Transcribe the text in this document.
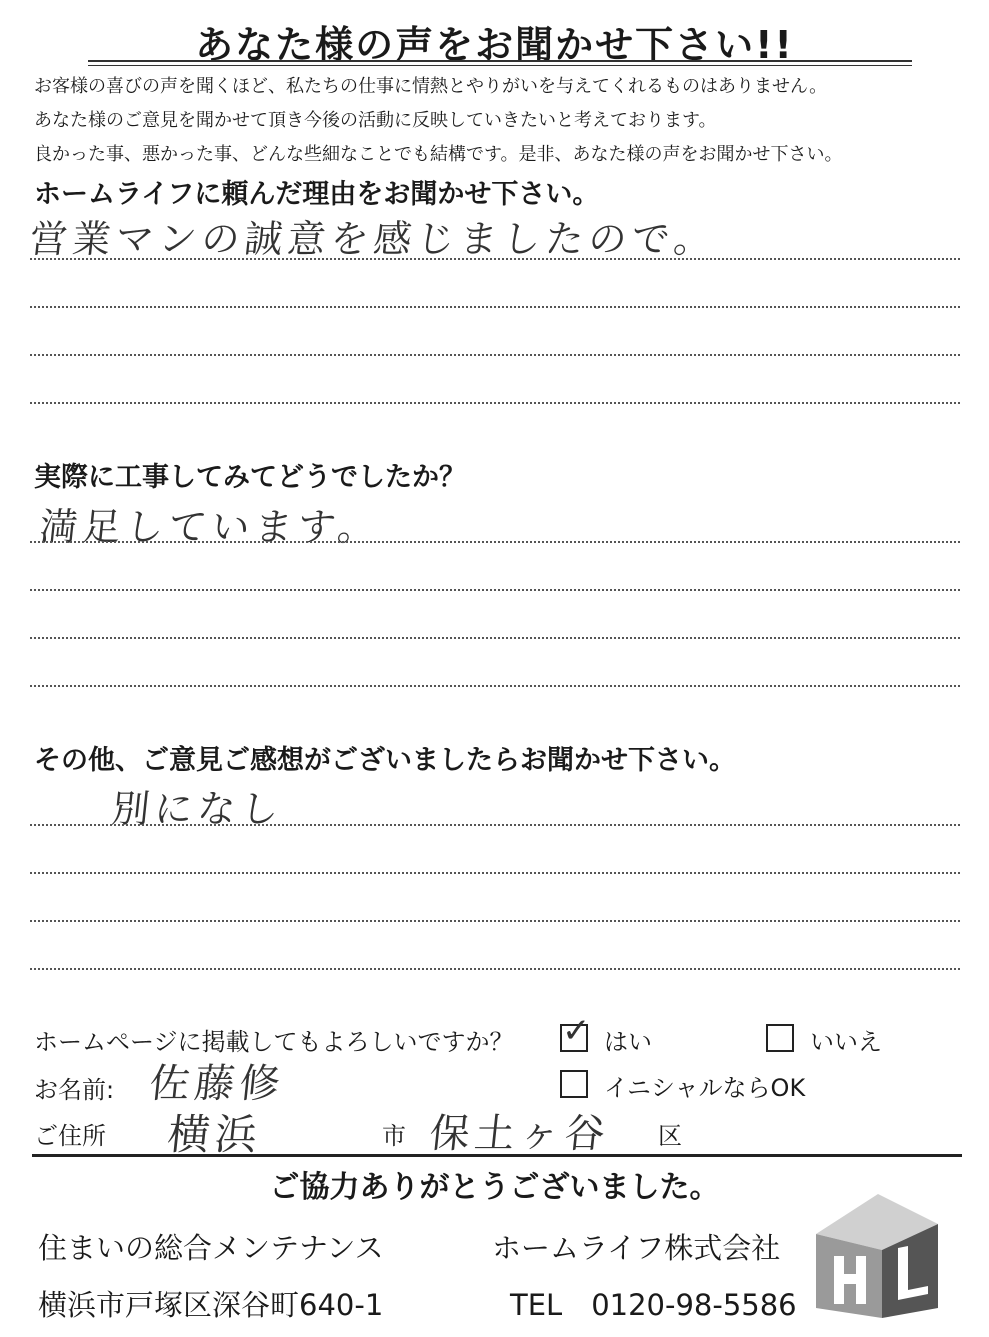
あなた様の声をお聞かせ下さい!!
お客様の喜びの声を聞くほど、私たちの仕事に情熱とやりがいを与えてくれるものはありません。
あなた様のご意見を聞かせて頂き今後の活動に反映していきたいと考えております。
良かった事、悪かった事、どんな些細なことでも結構です。是非、あなた様の声をお聞かせ下さい。
ホームライフに頼んだ理由をお聞かせ下さい。
営業マンの誠意を感じましたので。
実際に工事してみてどうでしたか？
満足しています。
その他、ご意見ご感想がございましたらお聞かせ下さい。
別になし
ホームページに掲載してもよろしいですか？ ✓ はい	いいえ
お名前: 佐藤修	イニシャルならOK
ご住所 横浜	市 保土ヶ谷 区
ご協力ありがとうございました。
住まいの総合メンテナンス	ホームライフ株式会社
横浜市戸塚区深谷町640-1	TEL　0120-98-5586
